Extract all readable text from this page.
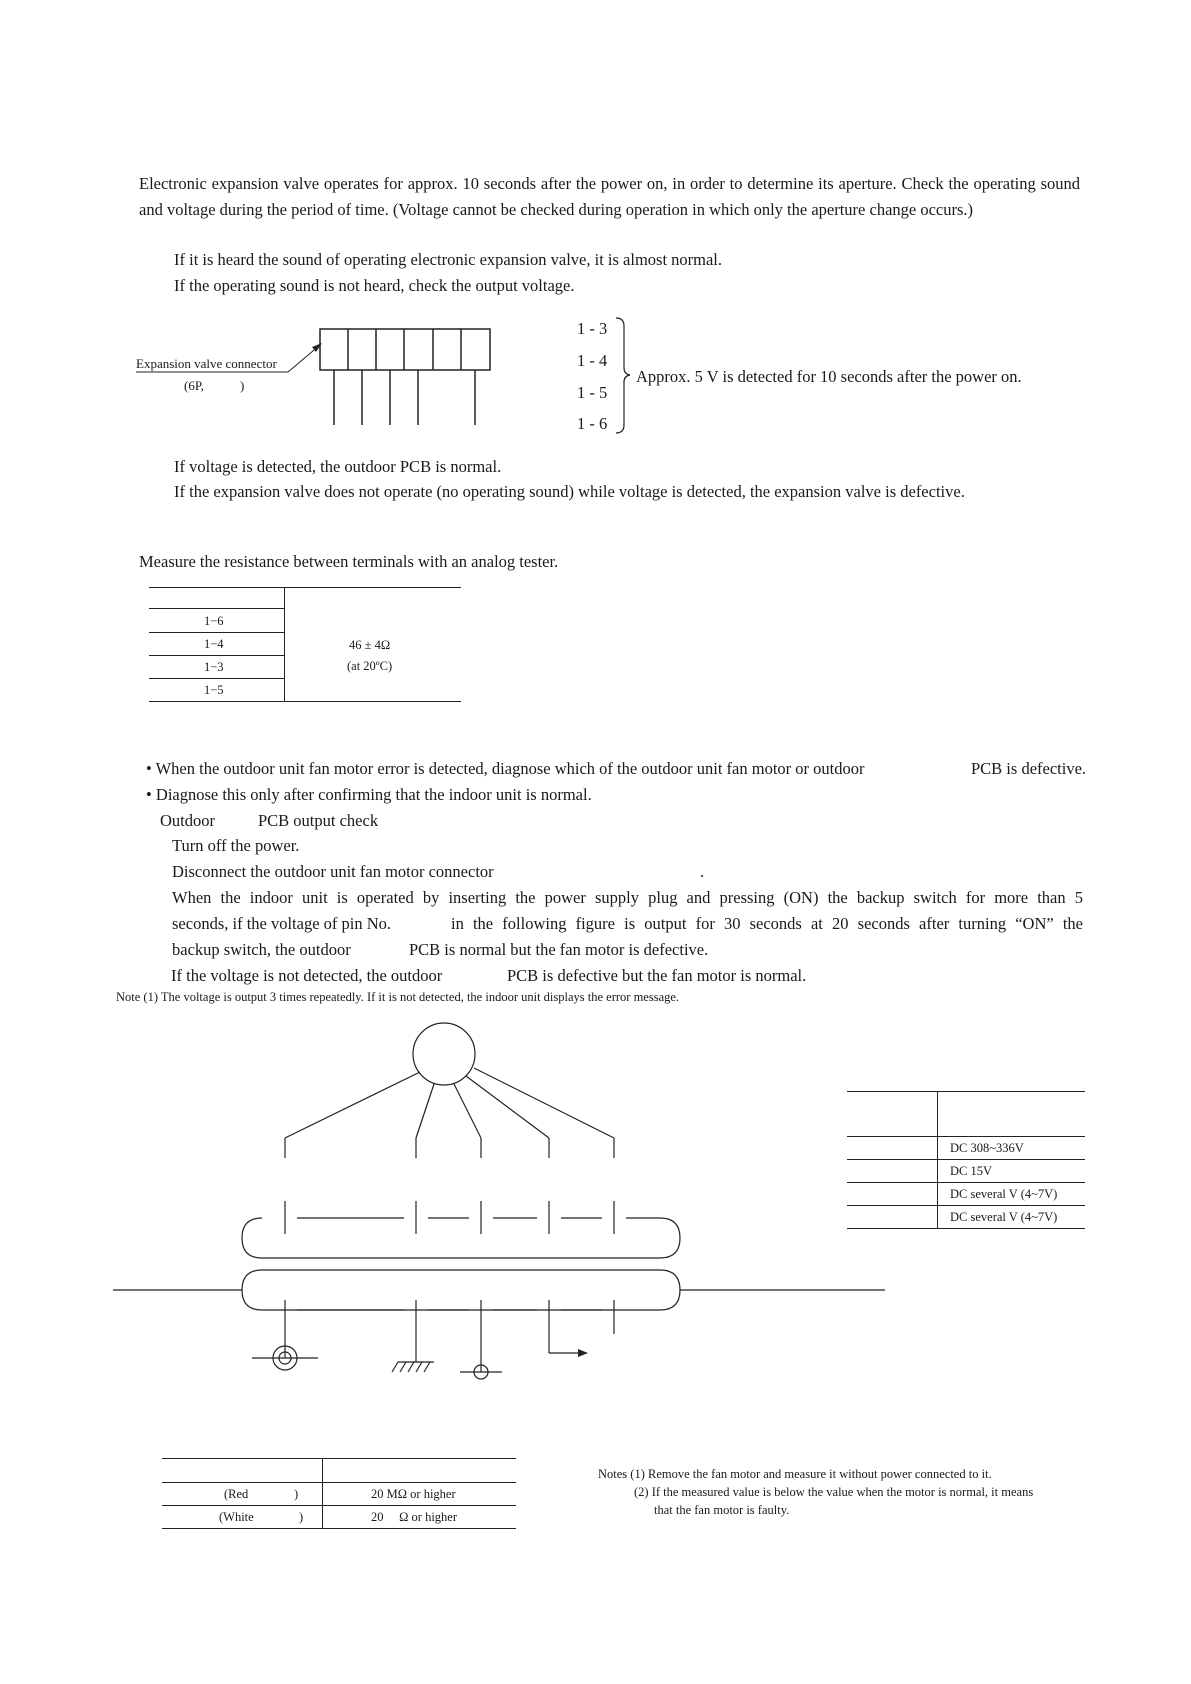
Electronic expansion valve operates for approx. 10 seconds after the power on, in order to determine its aperture. Check the operating sound and voltage during the period of time. (Voltage cannot be checked during operation in which only the aperture change occurs.)
If it is heard the sound of operating electronic expansion valve, it is almost normal.
If the operating sound is not heard, check the output voltage.
Expansion valve connector
(6P,	)
1 - 3
1 - 4
1 - 5
1 - 6
Approx. 5 V is detected for 10 seconds after the power on.
If voltage is detected, the outdoor PCB is normal.
If the expansion valve does not operate (no operating sound) while voltage is detected, the expansion valve is defective.
Measure the resistance between terminals with an analog tester.
1−6
1−4
1−3
1−5
46 ± 4Ω
(at 20ºC)
• When the outdoor unit fan motor error is detected, diagnose which of the outdoor unit fan motor or outdoor	PCB is defective.
• Diagnose this only after confirming that the indoor unit is normal.
Outdoor	PCB output check
Turn off the power.
Disconnect the outdoor unit fan motor connector	.
When the indoor unit is operated by inserting the power supply plug and pressing (ON) the backup switch for more than 5
seconds, if the voltage of pin No.	in the following figure is output for 30 seconds at 20 seconds after turning “ON” the
backup switch, the outdoor	PCB is normal but the fan motor is defective.
If the voltage is not detected, the outdoor	PCB is defective but the fan motor is normal.
Note (1) The voltage is output 3 times repeatedly. If it is not detected, the indoor unit displays the error message.
DC 308~336V
DC 15V
DC several V (4~7V)
DC several V (4~7V)
(Red	)	20 MΩ or higher
(White	)	20     Ω or higher
Notes (1) Remove the fan motor and measure it without power connected to it.
(2) If the measured value is below the value when the motor is normal, it means
that the fan motor is faulty.
